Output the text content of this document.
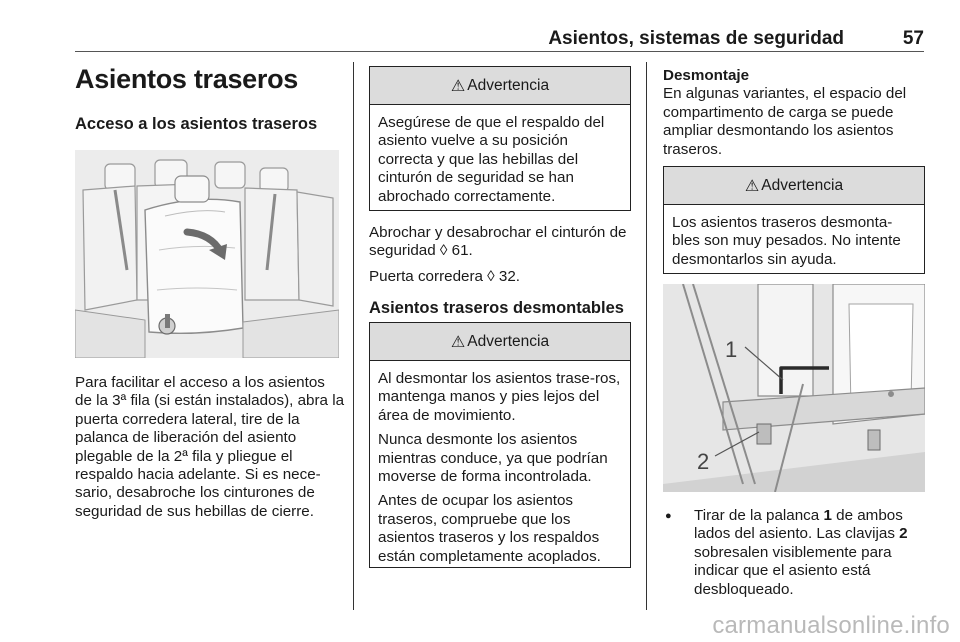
Asientos, sistemas de seguridad	57
Asientos traseros
Acceso a los asientos traseros

Para facilitar el acceso a los asientos de la 3ª fila (si están instalados), abra la puerta corredera lateral, tire de la palanca de liberación del asiento plegable de la 2ª fila y pliegue el respaldo hacia adelante. Si es nece-sario, desabroche los cinturones de seguridad de sus hebillas de cierre.

⚠ Advertencia

Asegúrese de que el respaldo del asiento vuelve a su posición correcta y que las hebillas del cinturón de seguridad se han abrochado correctamente.

Abrochar y desabrochar el cinturón de seguridad ◊ 61.

Puerta corredera ◊ 32.

Asientos traseros desmontables
⚠ Advertencia

Al desmontar los asientos trase-ros, mantenga manos y pies lejos del área de movimiento.

Nunca desmonte los asientos mientras conduce, ya que podrían moverse de forma incontrolada.

Antes de ocupar los asientos traseros, compruebe que los asientos traseros y los respaldos están completamente acoplados.

Desmontaje

En algunas variantes, el espacio del compartimento de carga se puede ampliar desmontando los asientos traseros.

⚠ Advertencia

Los asientos traseros desmonta-bles son muy pesados. No intente desmontarlos sin ayuda.

1
2
● Tirar de la palanca 1 de ambos lados del asiento. Las clavijas 2 sobresalen visiblemente para indicar que el asiento está desbloqueado.
carmanualsonline.info
